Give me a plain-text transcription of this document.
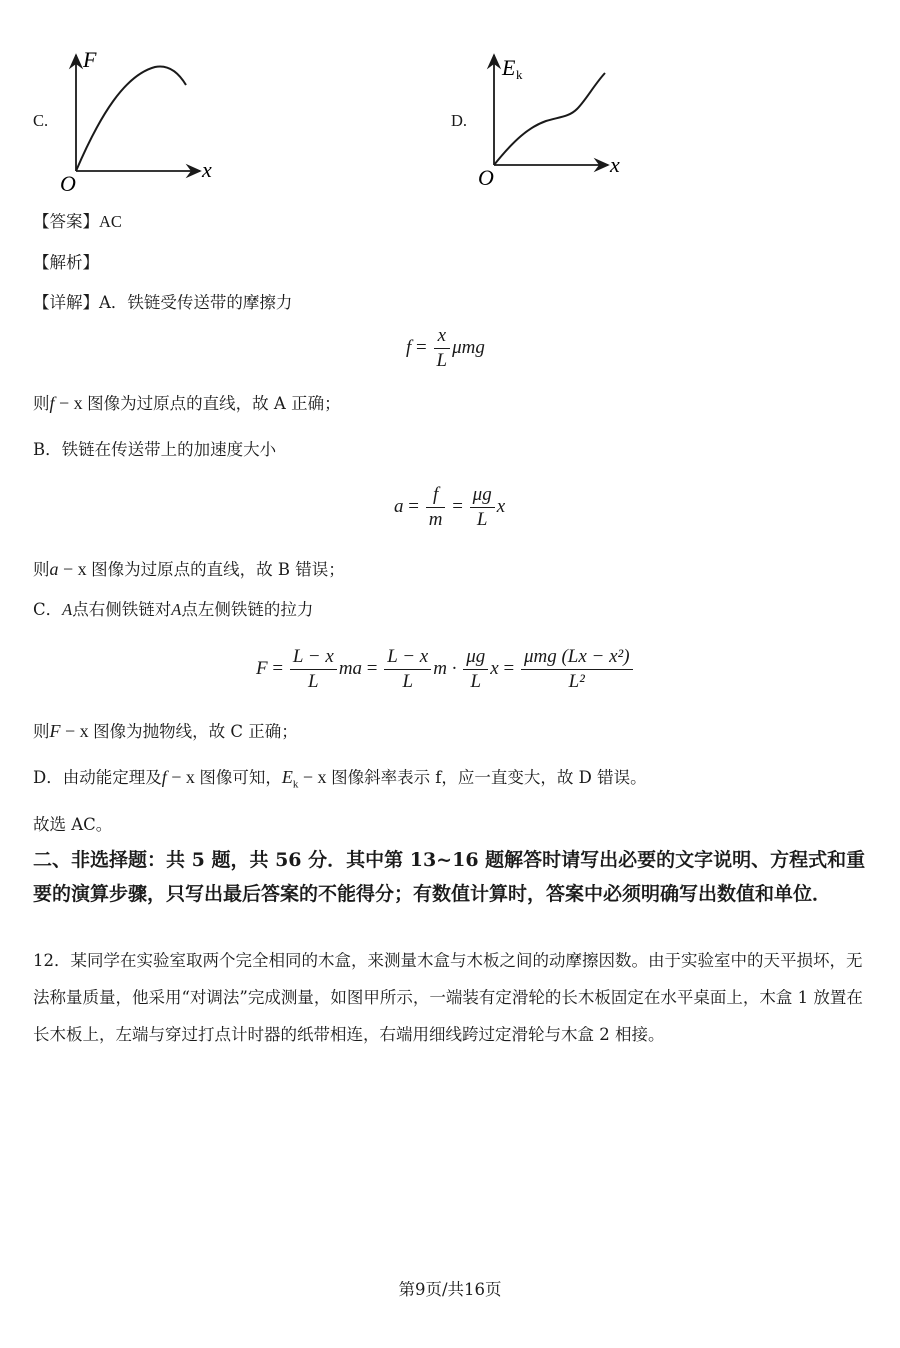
C.
F
x
O
D.
E k
x
O
【答案】AC
【解析】
【详解】A．铁链受传送带的摩擦力
$f = \frac{x}{L}$ μmg
则f − x 图像为过原点的直线，故 A 正确；
B．铁链在传送带上的加速度大小
$a = \frac{f}{m} = \frac{\mu g}{L}$ x
则a − x 图像为过原点的直线，故 B 错误；
C．A点右侧铁链对A点左侧铁链的拉力
$F = \frac{L - x}{L}$ ma = $\frac{L - x}{L}$ $m \cdot \frac{\mu g}{L}$ $x = \frac{\text{μmg (Lx − x²)}}{\text{L²}}$
则F − x 图像为抛物线，故 C 正确；
D．由动能定理及f − x 图像可知，$E_k - x$ 图像斜率表示 f，应一直变大，故 D 错误。
故选 AC。
二、非选择题：共 5 题，共 56 分．其中第 13~16 题解答时请写出必要的文字说明、方程式和重要的演算步骤，只写出最后答案的不能得分；有数值计算时，答案中必须明确写出数值和单位．
12．某同学在实验室取两个完全相同的木盒，来测量木盒与木板之间的动摩擦因数。由于实验室中的天平损坏，无法称量质量，他采用“对调法”完成测量，如图甲所示，一端装有定滑轮的长木板固定在水平桌面上，木盒 1 放置在长木板上，左端与穿过打点计时器的纸带相连，右端用细线跨过定滑轮与木盒 2 相接。
第9页/共16页
